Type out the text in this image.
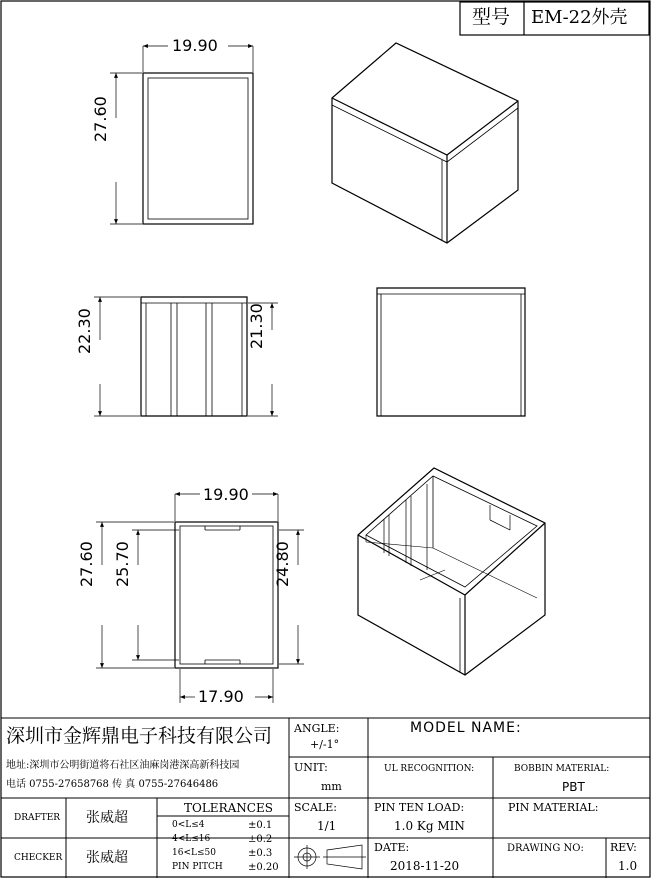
型号 EM-22外壳
19.90
27.60
22.30	21.30
19.90
17.90
27.60 25.70	24.80
深圳市金辉鼎电子科技有限公司
地址:深圳市公明街道将石社区油麻岗港深高新科技园
电话 0755-27658768 传 真 0755-27646486
ANGLE:
+/-1°
MODEL NAME:
UNIT:
mm
UL RECOGNITION:	BOBBIN MATERIAL:
PBT
DRAFTER 张威超
TOLERANCES
0<L≤4	±0.1
4<L≤16	±0.2
16<L≤50	±0.3
PIN PITCH	±0.20
SCALE:
1/1
PIN TEN LOAD:
1.0 Kg MIN
PIN MATERIAL:
CHECKER 张威超
DATE:
2018-11-20
DRAWING NO: REV:
1.0
